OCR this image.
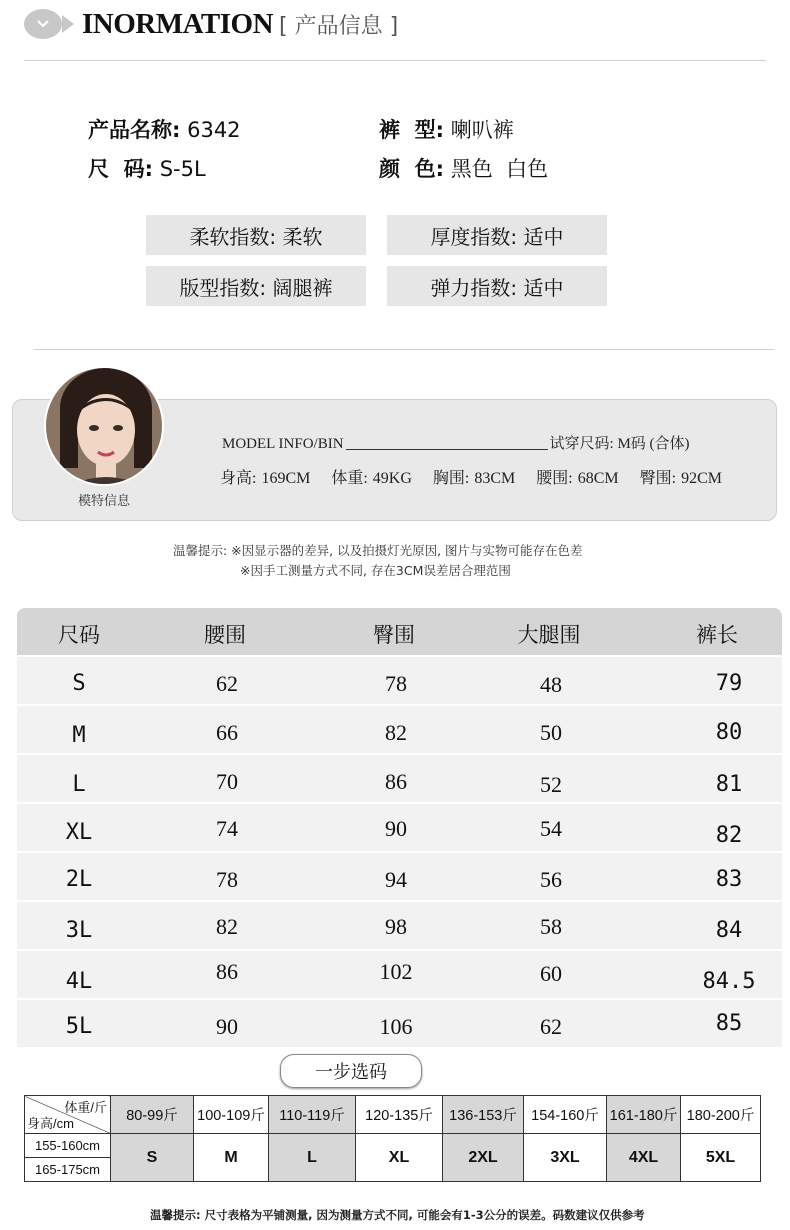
INORMATION [ 产品信息 ]
产品名称: 6342	裤  型: 喇叭裤
尺  码: S-5L	颜  色: 黑色  白色
柔软指数: 柔软	厚度指数: 适中
版型指数: 阔腿裤	弹力指数: 适中
模特信息
MODEL INFO/BIN	试穿尺码: M码 (合体)
身高: 169CM 体重: 49KG 胸围: 83CM 腰围: 68CM 臀围: 92CM
温馨提示: ※因显示器的差异, 以及拍摄灯光原因, 图片与实物可能存在色差
※因手工测量方式不同, 存在3CM误差居合理范围
尺码	腰围	臀围	大腿围	裤长
S	62	78	48	79
M	66	82	50	80
L	70	86	52	81
XL	74	90	54	82
2L	78	94	56	83
3L	82	98	58	84
4L	86	102	60	84.5
5L	90	106	62	85
一步选码
体重/斤
身高/cm	80-99斤	100-109斤	110-119斤	120-135斤	136-153斤	154-160斤	161-180斤	180-200斤
155-160cm	S	M	L	XL	2XL	3XL	4XL	5XL
165-175cm								
温馨提示: 尺寸表格为平铺测量, 因为测量方式不同, 可能会有1-3公分的误差。码数建议仅供参考
